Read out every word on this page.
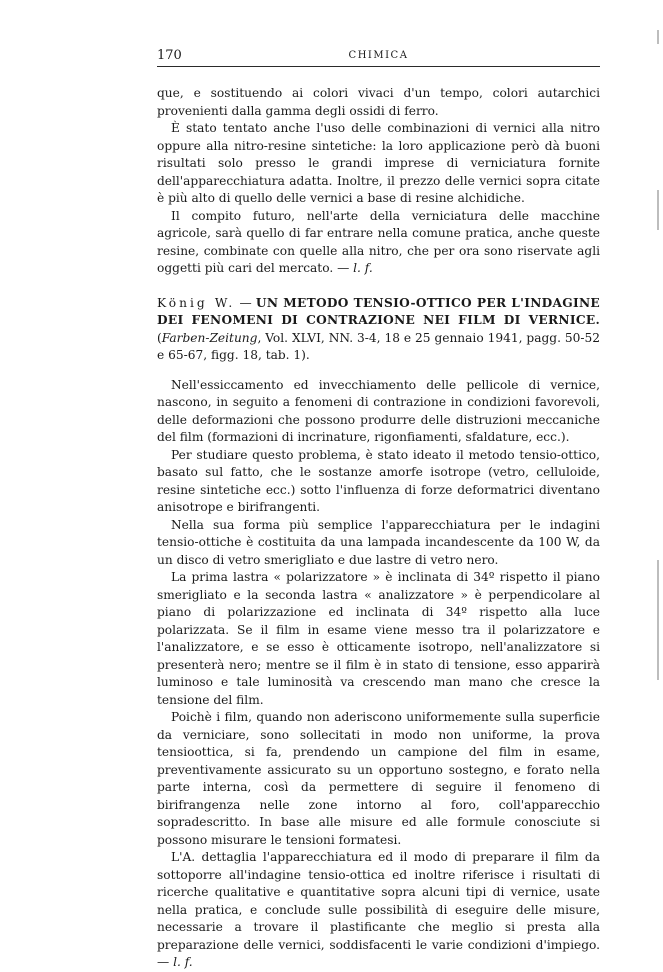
170	CHIMICA

que, e sostituendo ai colori vivaci d'un tempo, colori autarchici provenienti dalla gamma degli ossidi di ferro.

È stato tentato anche l'uso delle combinazioni di vernici alla nitro oppure alla nitro-resine sintetiche: la loro applicazione però dà buoni risultati solo presso le grandi imprese di verniciatura fornite dell'apparecchiatura adatta. Inoltre, il prezzo delle vernici sopra citate è più alto di quello delle vernici a base di resine alchidiche.

Il compito futuro, nell'arte della verniciatura delle macchine agricole, sarà quello di far entrare nella comune pratica, anche queste resine, combinate con quelle alla nitro, che per ora sono riservate agli oggetti più cari del mercato. — l. f.

König W. — UN METODO TENSIO-OTTICO PER L'INDAGINE DEI FENOMENI DI CONTRAZIONE NEI FILM DI VERNICE. (Farben-Zeitung, Vol. XLVI, NN. 3-4, 18 e 25 gennaio 1941, pagg. 50-52 e 65-67, figg. 18, tab. 1).

Nell'essiccamento ed invecchiamento delle pellicole di vernice, nascono, in seguito a fenomeni di contrazione in condizioni favorevoli, delle deformazioni che possono produrre delle distruzioni meccaniche del film (formazioni di incrinature, rigonfiamenti, sfaldature, ecc.).

Per studiare questo problema, è stato ideato il metodo tensio-ottico, basato sul fatto, che le sostanze amorfe isotrope (vetro, celluloide, resine sintetiche ecc.) sotto l'influenza di forze deformatrici diventano anisotrope e birifrangenti.

Nella sua forma più semplice l'apparecchiatura per le indagini tensio-ottiche è costituita da una lampada incandescente da 100 W, da un disco di vetro smerigliato e due lastre di vetro nero.

La prima lastra « polarizzatore » è inclinata di 34º rispetto il piano smerigliato e la seconda lastra « analizzatore » è perpendicolare al piano di polarizzazione ed inclinata di 34º rispetto alla luce polarizzata. Se il film in esame viene messo tra il polarizzatore e l'analizzatore, e se esso è otticamente isotropo, nell'analizzatore si presenterà nero; mentre se il film è in stato di tensione, esso apparirà luminoso e tale luminosità va crescendo man mano che cresce la tensione del film.

Poichè i film, quando non aderiscono uniformemente sulla superficie da verniciare, sono sollecitati in modo non uniforme, la prova tensioottica, si fa, prendendo un campione del film in esame, preventivamente assicurato su un opportuno sostegno, e forato nella parte interna, così da permettere di seguire il fenomeno di birifrangenza nelle zone intorno al foro, coll'apparecchio sopradescritto. In base alle misure ed alle formule conosciute si possono misurare le tensioni formatesi.

L'A. dettaglia l'apparecchiatura ed il modo di preparare il film da sottoporre all'indagine tensio-ottica ed inoltre riferisce i risultati di ricerche qualitative e quantitative sopra alcuni tipi di vernice, usate nella pratica, e conclude sulle possibilità di eseguire delle misure, necessarie a trovare il plastificante che meglio si presta alla preparazione delle vernici, soddisfacenti le varie condizioni d'impiego. — l. f.
